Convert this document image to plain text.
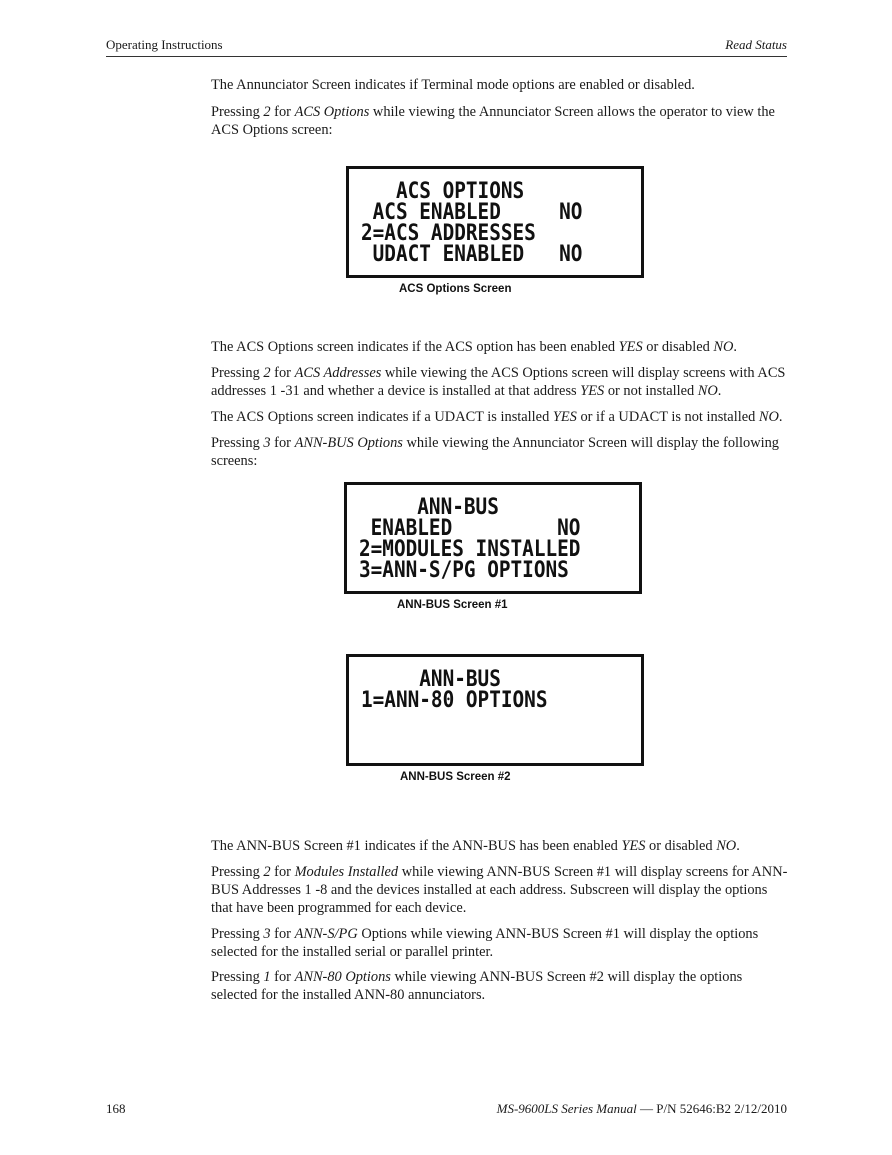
Operating Instructions	Read Status

The Annunciator Screen indicates if Terminal mode options are enabled or disabled.

Pressing 2 for ACS Options while viewing the Annunciator Screen allows the operator to view the ACS Options screen:

ACS OPTIONS
ACS ENABLED     NO
2=ACS ADDRESSES
UDACT ENABLED   NO
ACS Options Screen

The ACS Options screen indicates if the ACS option has been enabled YES or disabled NO.

Pressing 2 for ACS Addresses while viewing the ACS Options screen will display screens with ACS addresses 1 -31 and whether a device is installed at that address YES or not installed NO.

The ACS Options screen indicates if a UDACT is installed YES or if a UDACT is not installed NO.

Pressing 3 for ANN-BUS Options while viewing the Annunciator Screen will display the following screens:

ANN-BUS
ENABLED         NO
2=MODULES INSTALLED
3=ANN-S/PG OPTIONS
ANN-BUS Screen #1
ANN-BUS
1=ANN-80 OPTIONS
ANN-BUS Screen #2

The ANN-BUS Screen #1 indicates if the ANN-BUS has been enabled YES or disabled NO.

Pressing 2 for Modules Installed while viewing ANN-BUS Screen #1 will display screens for ANN-BUS Addresses 1 -8 and the devices installed at each address. Subscreen will display the options that have been programmed for each device.

Pressing 3 for ANN-S/PG Options while viewing ANN-BUS Screen #1 will display the options selected for the installed serial or parallel printer.

Pressing 1 for ANN-80 Options while viewing ANN-BUS Screen #2 will display the options selected for the installed ANN-80 annunciators.

168	MS-9600LS Series Manual — P/N 52646:B2 2/12/2010
